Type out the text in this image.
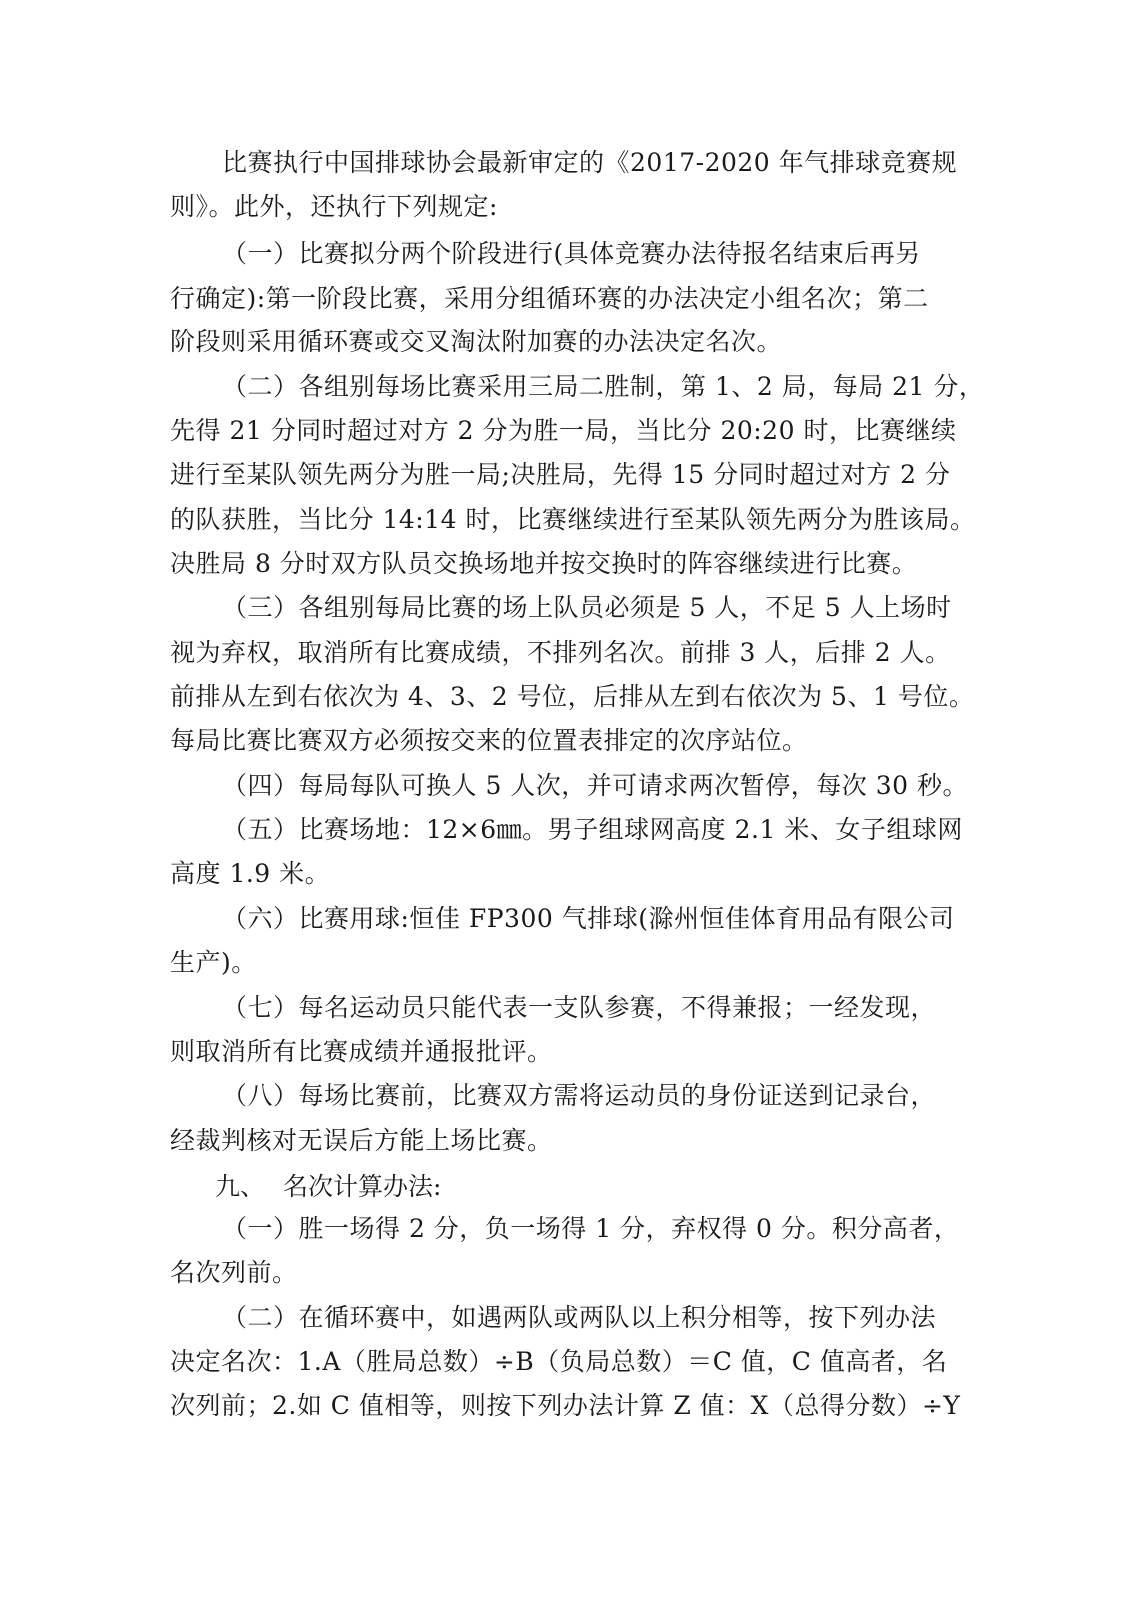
比赛执行中国排球协会最新审定的《2017-2020 年气排球竞赛规
则》。此外，还执行下列规定:
（一）比赛拟分两个阶段进行(具体竞赛办法待报名结束后再另
行确定):第一阶段比赛，采用分组循环赛的办法决定小组名次；第二
阶段则采用循环赛或交叉淘汰附加赛的办法决定名次。
（二）各组别每场比赛采用三局二胜制，第 1、2 局，每局 21 分，
先得 21 分同时超过对方 2 分为胜一局，当比分 20:20 时，比赛继续
进行至某队领先两分为胜一局;决胜局，先得 15 分同时超过对方 2 分
的队获胜，当比分 14:14 时，比赛继续进行至某队领先两分为胜该局。
决胜局 8 分时双方队员交换场地并按交换时的阵容继续进行比赛。
（三）各组别每局比赛的场上队员必须是 5 人，不足 5 人上场时
视为弃权，取消所有比赛成绩，不排列名次。前排 3 人，后排 2 人。
前排从左到右依次为 4、3、2 号位，后排从左到右依次为 5、1 号位。
每局比赛比赛双方必须按交来的位置表排定的次序站位。
（四）每局每队可换人 5 人次，并可请求两次暂停，每次 30 秒。
（五）比赛场地：12×6㎜。男子组球网高度 2.1 米、女子组球网
高度 1.9 米。
（六）比赛用球:恒佳 FP300 气排球(滁州恒佳体育用品有限公司
生产)。
（七）每名运动员只能代表一支队参赛，不得兼报；一经发现，
则取消所有比赛成绩并通报批评。
（八）每场比赛前，比赛双方需将运动员的身份证送到记录台，
经裁判核对无误后方能上场比赛。
九、 名次计算办法:
（一）胜一场得 2 分，负一场得 1 分，弃权得 0 分。积分高者，
名次列前。
（二）在循环赛中，如遇两队或两队以上积分相等，按下列办法
决定名次：1.A（胜局总数）÷B（负局总数）＝C 值，C 值高者，名
次列前；2.如 C 值相等，则按下列办法计算 Z 值：X（总得分数）÷Y
